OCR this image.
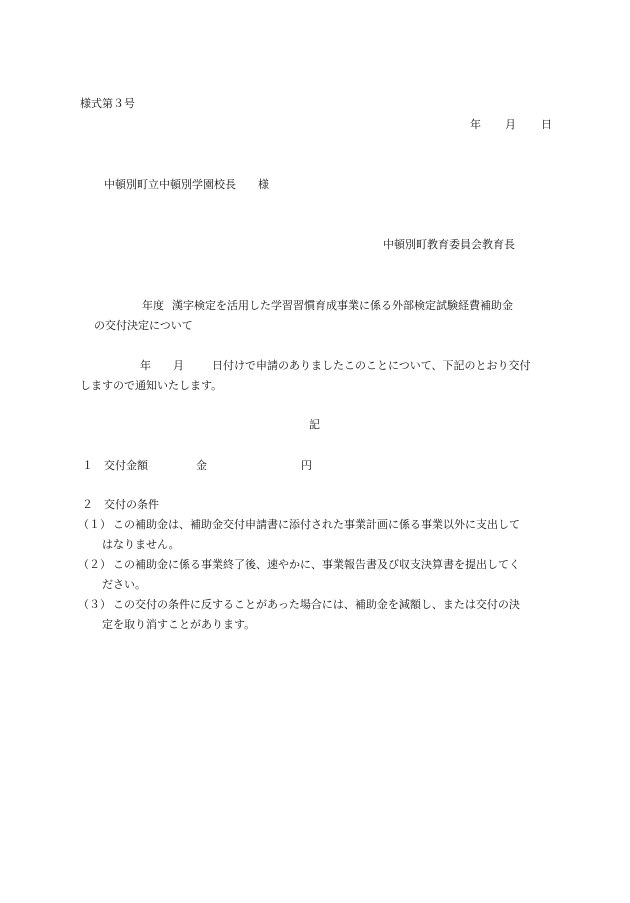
様式第３号
年 月 日
中頓別町立中頓別学園校長　　様
中頓別町教育委員会教育長
年度 漢字検定を活用した学習習慣育成事業に係る外部検定試験経費補助金
の交付決定について
年 月	日付けで申請のありましたこのことについて、下記のとおり交付
しますので通知いたします。
記
１ 交付金額	金	円
２ 交付の条件
（１） この補助金は、補助金交付申請書に添付された事業計画に係る事業以外に支出して
はなりません。
（２） この補助金に係る事業終了後、速やかに、事業報告書及び収支決算書を提出してく
ださい。
（３） この交付の条件に反することがあった場合には、補助金を減額し、または交付の決
定を取り消すことがあります。
